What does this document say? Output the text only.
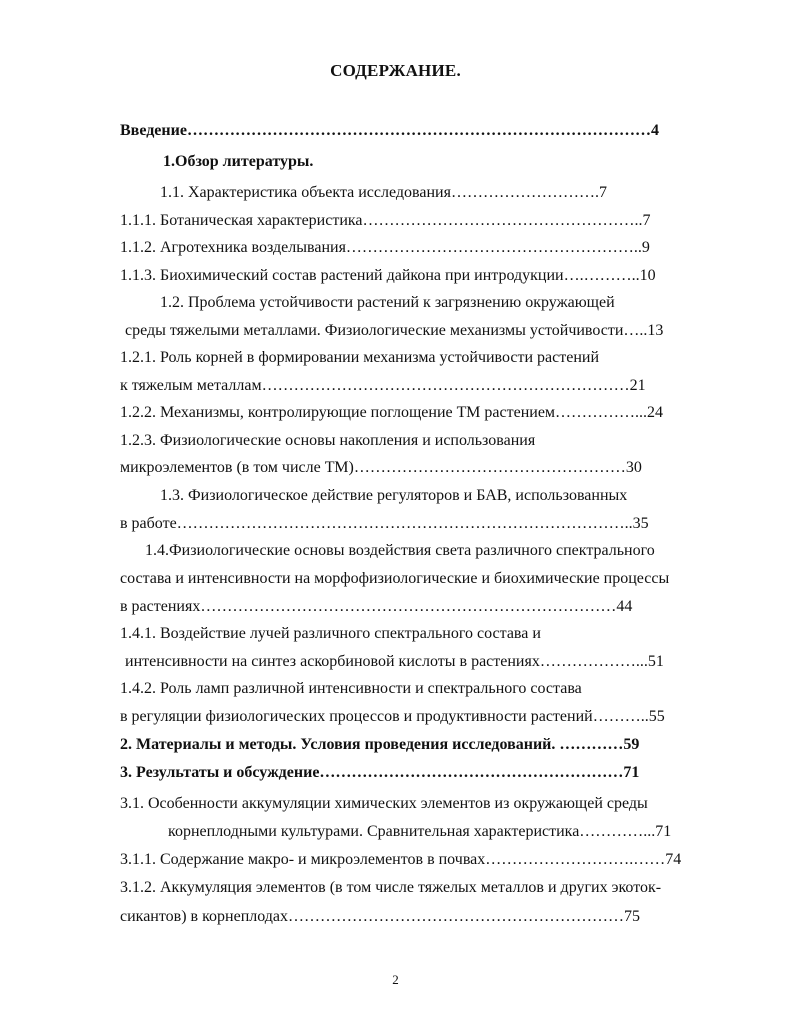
СОДЕРЖАНИЕ.
Введение……………………………………………………………………………4
1.Обзор литературы.
1.1. Характеристика объекта исследования……………………….7
1.1.1. Ботаническая характеристика……………………………………………..7
1.1.2. Агротехника возделывания………………………………………………..9
1.1.3. Биохимический состав растений дайкона при интродукции….………..10
1.2. Проблема устойчивости растений к загрязнению окружающей
среды тяжелыми металлами. Физиологические механизмы устойчивости…..13
1.2.1. Роль корней в формировании механизма устойчивости растений
к тяжелым металлам……………………………………………………………21
1.2.2. Механизмы, контролирующие поглощение ТМ растением……………...24
1.2.3. Физиологические основы накопления и использования
микроэлементов (в том числе ТМ)……………………………………………30
1.3. Физиологическое действие регуляторов и БАВ, использованных
в работе…………………………………………………………………………..35
1.4.Физиологические основы воздействия света различного спектрального
состава и интенсивности на морфофизиологические и биохимические процессы
в растениях……………………………………………………………………44
1.4.1. Воздействие лучей различного спектрального состава и
интенсивности на синтез аскорбиновой кислоты в растениях………………...51
1.4.2. Роль ламп различной интенсивности и спектрального состава
в регуляции физиологических процессов и продуктивности растений………..55
2. Материалы и методы. Условия проведения исследований. …………59
3. Результаты и обсуждение…………………………………………………71
3.1. Особенности аккумуляции химических элементов из окружающей среды
корнеплодными культурами. Сравнительная характеристика…………...71
3.1.1. Содержание макро- и микроэлементов в почвах……………………….……74
3.1.2. Аккумуляция элементов (в том числе тяжелых металлов и других экоток-
сикантов) в корнеплодах………………………………………………………75
2
